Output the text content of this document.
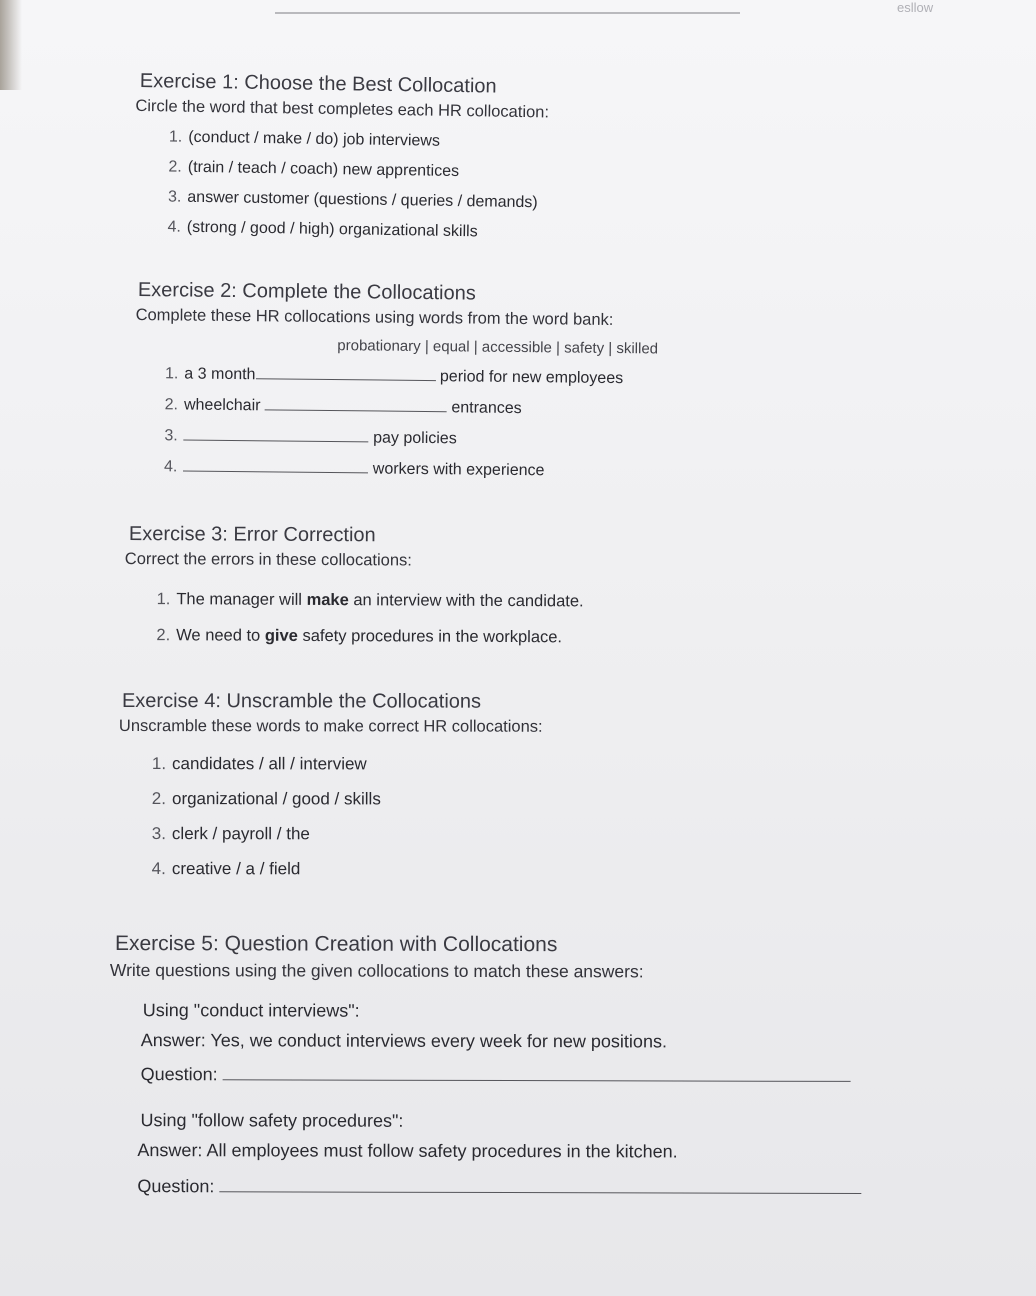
esllow
Exercise 1: Choose the Best Collocation
Circle the word that best completes each HR collocation:
1. (conduct / make / do) job interviews
2. (train / teach / coach) new apprentices
3. answer customer (questions / queries / demands)
4. (strong / good / high) organizational skills
Exercise 2: Complete the Collocations
Complete these HR collocations using words from the word bank:
probationary | equal | accessible | safety | skilled
1. a 3 month	period for new employees
2. wheelchair	entrances
3.	pay policies
4.	workers with experience
Exercise 3: Error Correction
Correct the errors in these collocations:
1. The manager will make an interview with the candidate.
2. We need to give safety procedures in the workplace.
Exercise 4: Unscramble the Collocations
Unscramble these words to make correct HR collocations:
1. candidates / all / interview
2. organizational / good / skills
3. clerk / payroll / the
4. creative / a / field
Exercise 5: Question Creation with Collocations
Write questions using the given collocations to match these answers:
Using "conduct interviews":
Answer: Yes, we conduct interviews every week for new positions.
Question:
Using "follow safety procedures":
Answer: All employees must follow safety procedures in the kitchen.
Question:
